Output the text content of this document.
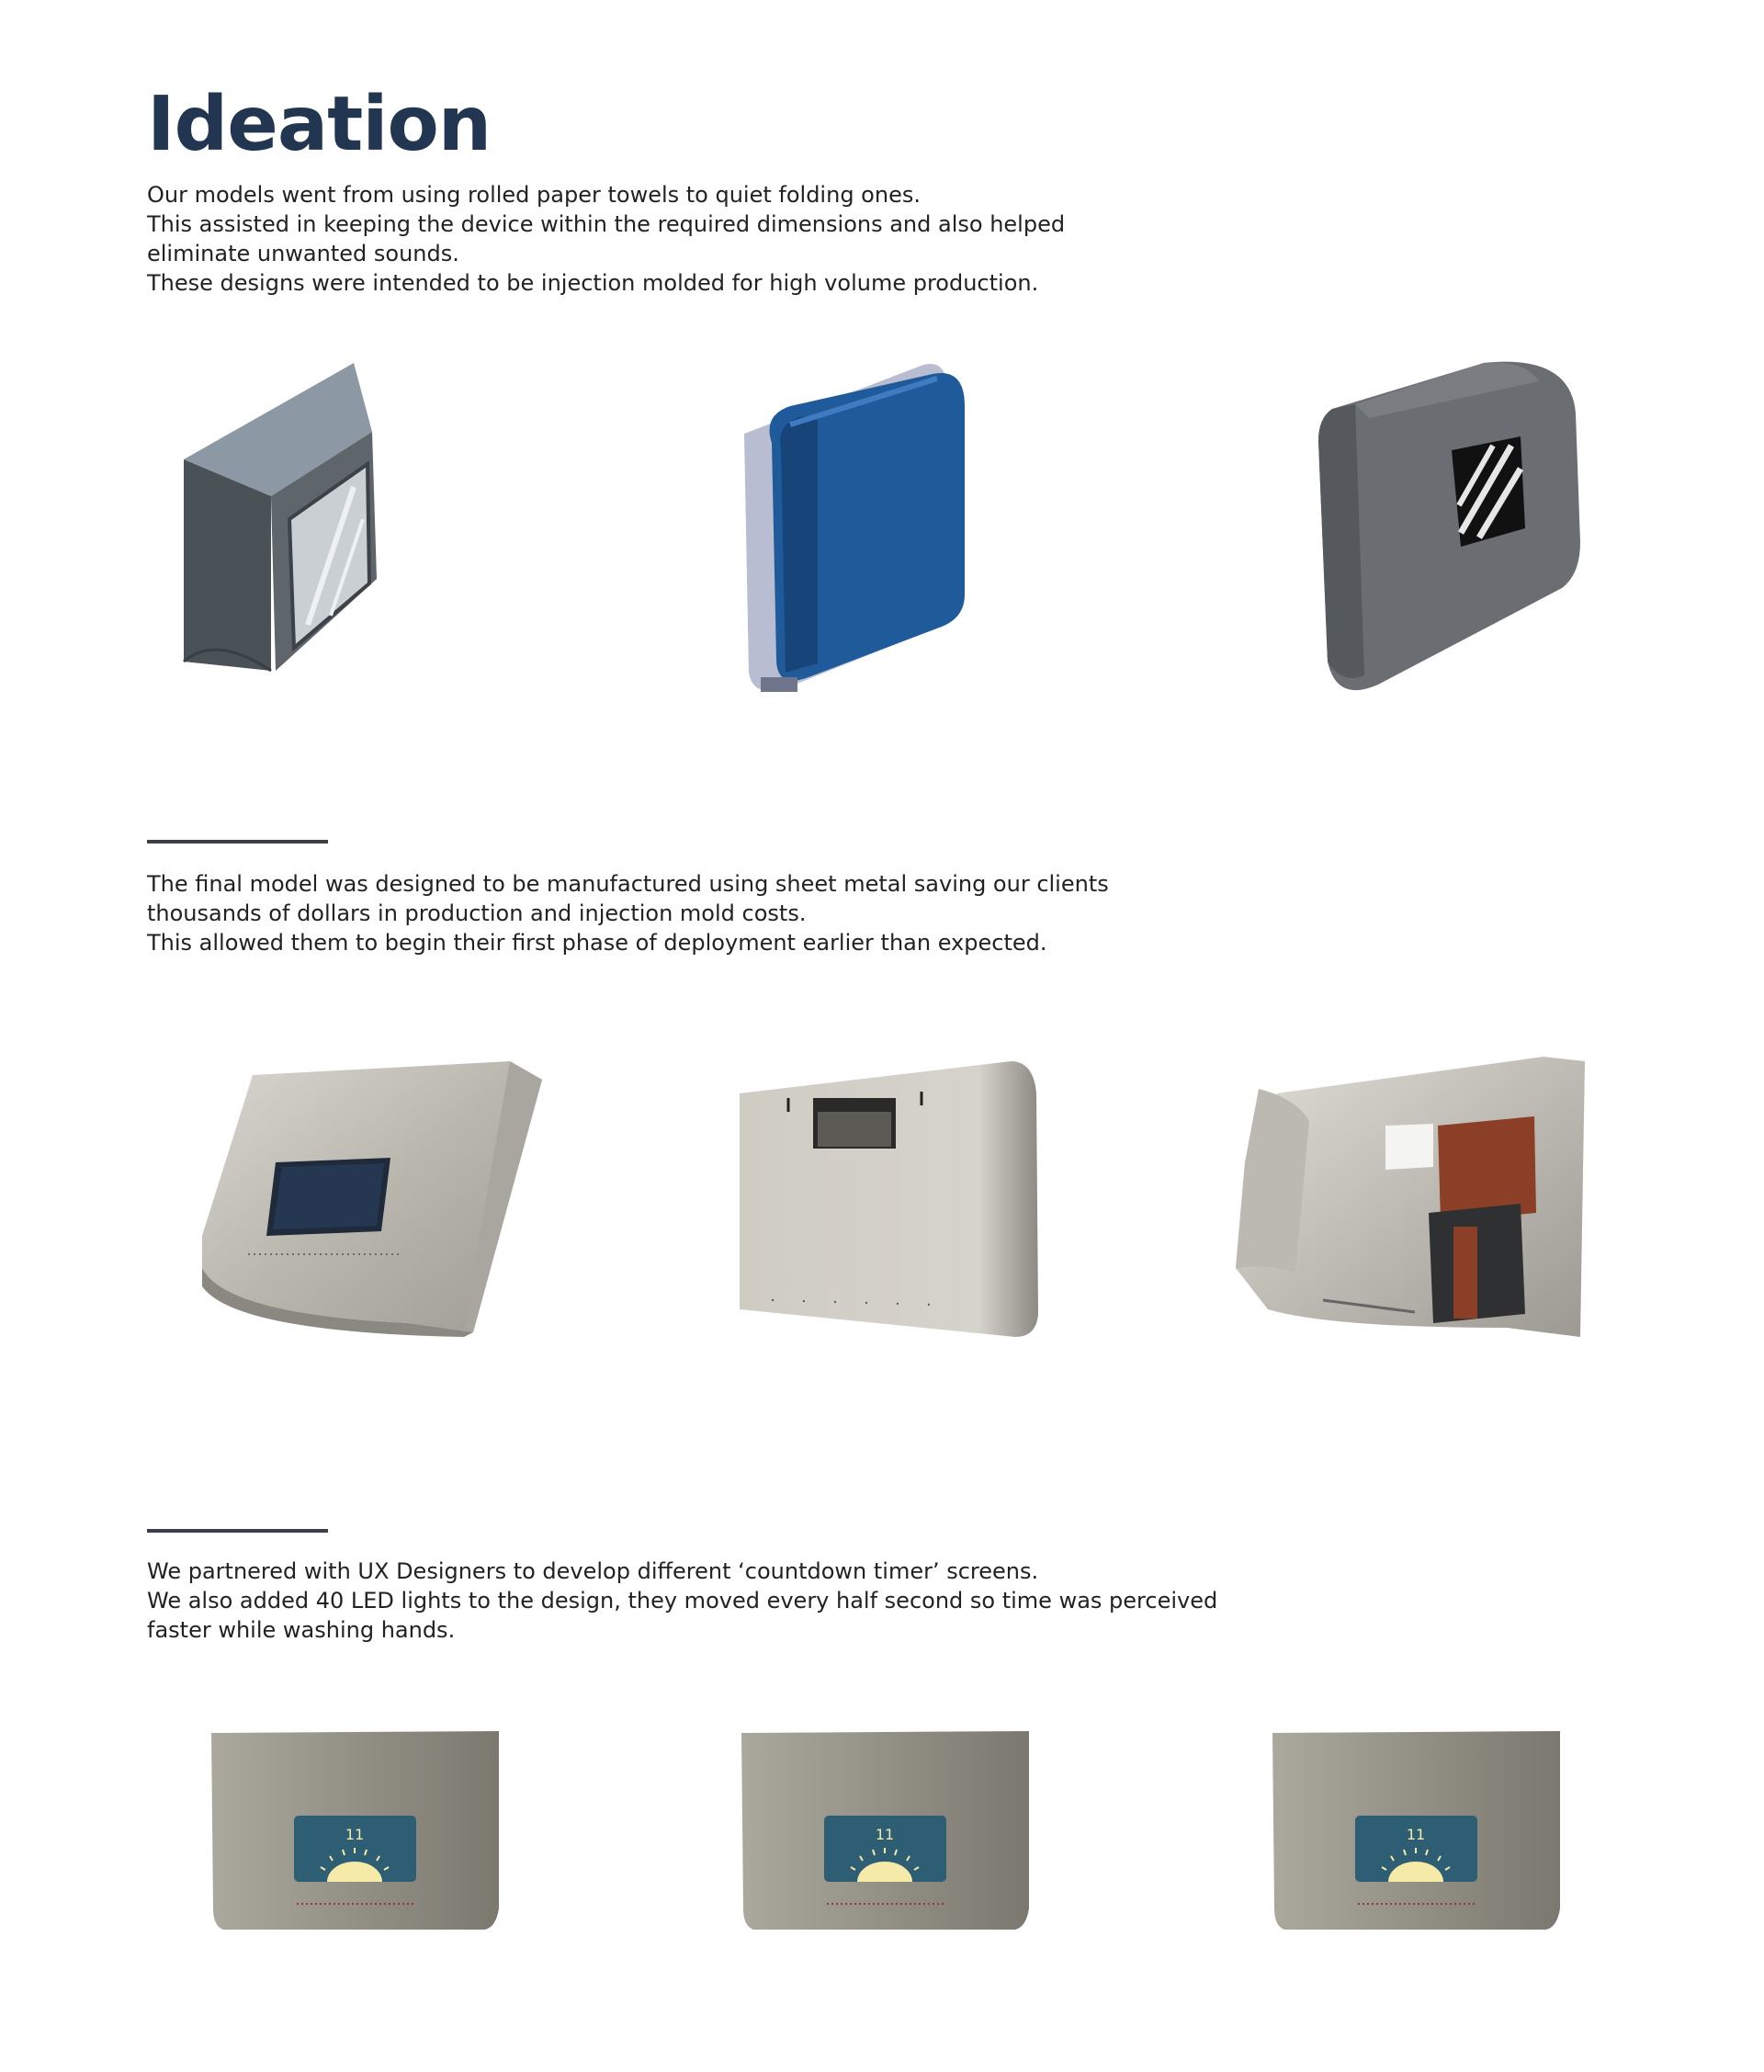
Ideation

Our models went from using rolled paper towels to quiet folding ones.

This assisted in keeping the device within the required dimensions and also helped

eliminate unwanted sounds.

These designs were intended to be injection molded for high volume production.

The final model was designed to be manufactured using sheet metal saving our clients

thousands of dollars in production and injection mold costs.

This allowed them to begin their first phase of deployment earlier than expected.

We partnered with UX Designers to develop different ‘countdown timer’ screens.

We also added 40 LED lights to the design, they moved every half second so time was perceived

faster while washing hands.

11	11	11
